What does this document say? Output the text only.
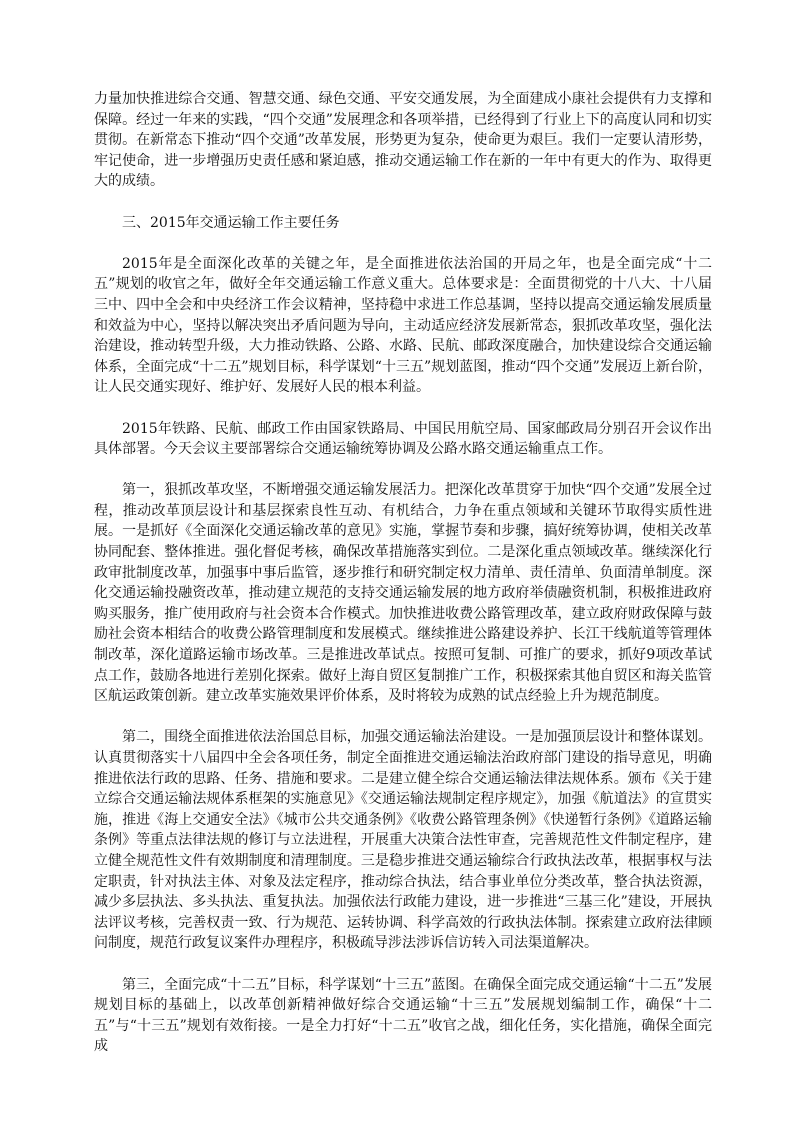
力量加快推进综合交通、智慧交通、绿色交通、平安交通发展，为全面建成小康社会提供有力支撑和保障。经过一年来的实践，“四个交通”发展理念和各项举措，已经得到了行业上下的高度认同和切实贯彻。在新常态下推动“四个交通”改革发展，形势更为复杂，使命更为艰巨。我们一定要认清形势，牢记使命，进一步增强历史责任感和紧迫感，推动交通运输工作在新的一年中有更大的作为、取得更大的成绩。

三、2015年交通运输工作主要任务

2015年是全面深化改革的关键之年，是全面推进依法治国的开局之年，也是全面完成“十二五”规划的收官之年，做好全年交通运输工作意义重大。总体要求是：全面贯彻党的十八大、十八届三中、四中全会和中央经济工作会议精神，坚持稳中求进工作总基调，坚持以提高交通运输发展质量和效益为中心，坚持以解决突出矛盾问题为导向，主动适应经济发展新常态，狠抓改革攻坚，强化法治建设，推动转型升级，大力推动铁路、公路、水路、民航、邮政深度融合，加快建设综合交通运输体系，全面完成“十二五”规划目标，科学谋划“十三五”规划蓝图，推动“四个交通”发展迈上新台阶，让人民交通实现好、维护好、发展好人民的根本利益。

2015年铁路、民航、邮政工作由国家铁路局、中国民用航空局、国家邮政局分别召开会议作出具体部署。今天会议主要部署综合交通运输统筹协调及公路水路交通运输重点工作。

第一，狠抓改革攻坚，不断增强交通运输发展活力。把深化改革贯穿于加快“四个交通”发展全过程，推动改革顶层设计和基层探索良性互动、有机结合，力争在重点领域和关键环节取得实质性进展。一是抓好《全面深化交通运输改革的意见》实施，掌握节奏和步骤，搞好统筹协调，使相关改革协同配套、整体推进。强化督促考核，确保改革措施落实到位。二是深化重点领域改革。继续深化行政审批制度改革，加强事中事后监管，逐步推行和研究制定权力清单、责任清单、负面清单制度。深化交通运输投融资改革，推动建立规范的支持交通运输发展的地方政府举债融资机制，积极推进政府购买服务，推广使用政府与社会资本合作模式。加快推进收费公路管理改革，建立政府财政保障与鼓励社会资本相结合的收费公路管理制度和发展模式。继续推进公路建设养护、长江干线航道等管理体制改革，深化道路运输市场改革。三是推进改革试点。按照可复制、可推广的要求，抓好9项改革试点工作，鼓励各地进行差别化探索。做好上海自贸区复制推广工作，积极探索其他自贸区和海关监管区航运政策创新。建立改革实施效果评价体系，及时将较为成熟的试点经验上升为规范制度。

第二，围绕全面推进依法治国总目标，加强交通运输法治建设。一是加强顶层设计和整体谋划。认真贯彻落实十八届四中全会各项任务，制定全面推进交通运输法治政府部门建设的指导意见，明确推进依法行政的思路、任务、措施和要求。二是建立健全综合交通运输法律法规体系。颁布《关于建立综合交通运输法规体系框架的实施意见》《交通运输法规制定程序规定》，加强《航道法》的宣贯实施，推进《海上交通安全法》《城市公共交通条例》《收费公路管理条例》《快递暂行条例》《道路运输条例》等重点法律法规的修订与立法进程，开展重大决策合法性审查，完善规范性文件制定程序，建立健全规范性文件有效期制度和清理制度。三是稳步推进交通运输综合行政执法改革，根据事权与法定职责，针对执法主体、对象及法定程序，推动综合执法，结合事业单位分类改革，整合执法资源，减少多层执法、多头执法、重复执法。加强依法行政能力建设，进一步推进“三基三化”建设，开展执法评议考核，完善权责一致、行为规范、运转协调、科学高效的行政执法体制。探索建立政府法律顾问制度，规范行政复议案件办理程序，积极疏导涉法涉诉信访转入司法渠道解决。

第三，全面完成“十二五”目标，科学谋划“十三五”蓝图。在确保全面完成交通运输“十二五”发展规划目标的基础上，以改革创新精神做好综合交通运输“十三五”发展规划编制工作，确保“十二五”与“十三五”规划有效衔接。一是全力打好“十二五”收官之战，细化任务，实化措施，确保全面完成
